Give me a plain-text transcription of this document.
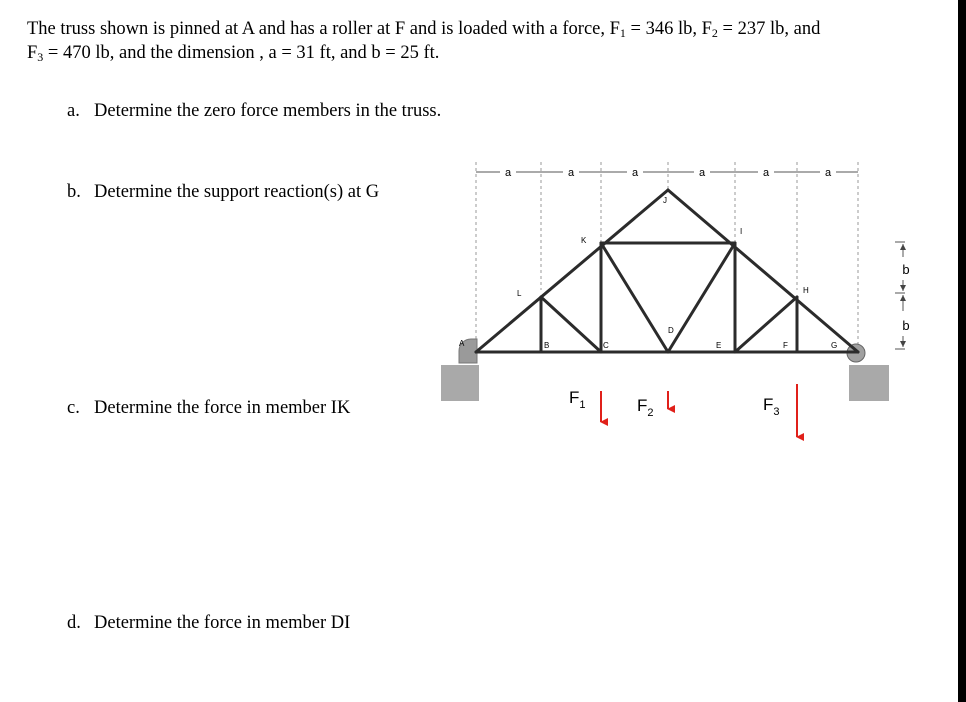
The truss shown is pinned at A and has a roller at F and is loaded with a force, $F_1 = 346$ lb, $F_2 = 237$ lb, and
$F_3 = 470$ lb, and the dimension , a = 31 ft, and b = 25 ft.
a. Determine the zero force members in the truss.
b. Determine the support reaction(s) at G
c. Determine the force in member IK
d. Determine the force in member DI
a	a	a	a	a	a
b
b
A	B	C
D
E	F	G
H
I
J
K
L
$F_1$	$F_2$	$F_3$
